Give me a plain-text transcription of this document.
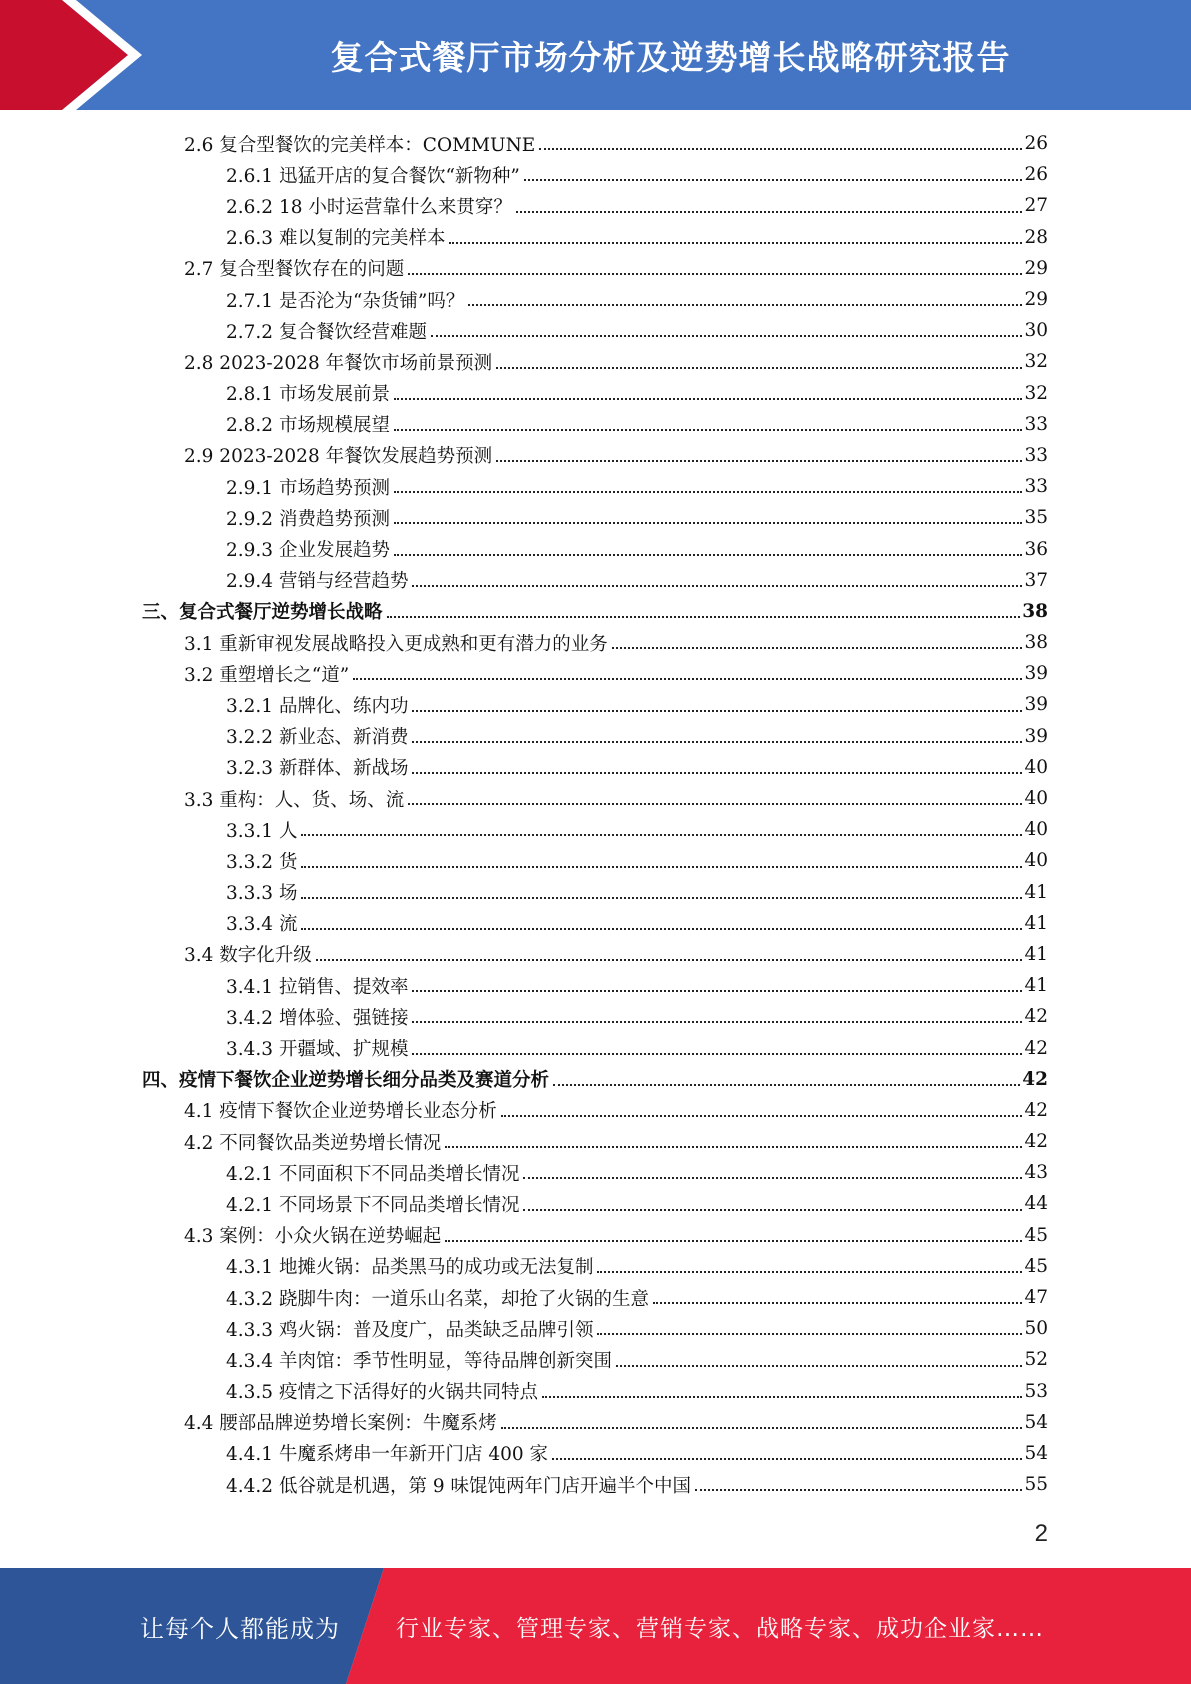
复合式餐厅市场分析及逆势增长战略研究报告
2.6 复合型餐饮的完美样本：COMMUNE	26
2.6.1 迅猛开店的复合餐饮“新物种”	26
2.6.2 18 小时运营靠什么来贯穿？	27
2.6.3 难以复制的完美样本	28
2.7 复合型餐饮存在的问题	29
2.7.1 是否沦为“杂货铺”吗？	29
2.7.2 复合餐饮经营难题	30
2.8 2023-2028 年餐饮市场前景预测	32
2.8.1 市场发展前景	32
2.8.2 市场规模展望	33
2.9 2023-2028 年餐饮发展趋势预测	33
2.9.1 市场趋势预测	33
2.9.2 消费趋势预测	35
2.9.3 企业发展趋势	36
2.9.4 营销与经营趋势	37
三、复合式餐厅逆势增长战略	38
3.1 重新审视发展战略投入更成熟和更有潜力的业务	38
3.2 重塑增长之“道”	39
3.2.1 品牌化、练内功	39
3.2.2 新业态、新消费	39
3.2.3 新群体、新战场	40
3.3 重构：人、货、场、流	40
3.3.1 人	40
3.3.2 货	40
3.3.3 场	41
3.3.4 流	41
3.4 数字化升级	41
3.4.1 拉销售、提效率	41
3.4.2 增体验、强链接	42
3.4.3 开疆域、扩规模	42
四、疫情下餐饮企业逆势增长细分品类及赛道分析	42
4.1 疫情下餐饮企业逆势增长业态分析	42
4.2 不同餐饮品类逆势增长情况	42
4.2.1 不同面积下不同品类增长情况	43
4.2.1 不同场景下不同品类增长情况	44
4.3 案例：小众火锅在逆势崛起	45
4.3.1 地摊火锅：品类黑马的成功或无法复制	45
4.3.2 跷脚牛肉：一道乐山名菜，却抢了火锅的生意	47
4.3.3 鸡火锅：普及度广，品类缺乏品牌引领	50
4.3.4 羊肉馆：季节性明显，等待品牌创新突围	52
4.3.5 疫情之下活得好的火锅共同特点	53
4.4 腰部品牌逆势增长案例：牛魔系烤	54
4.4.1 牛魔系烤串一年新开门店 400 家	54
4.4.2 低谷就是机遇，第 9 味馄饨两年门店开遍半个中国	55
2
让每个人都能成为 行业专家、管理专家、营销专家、战略专家、成功企业家……
